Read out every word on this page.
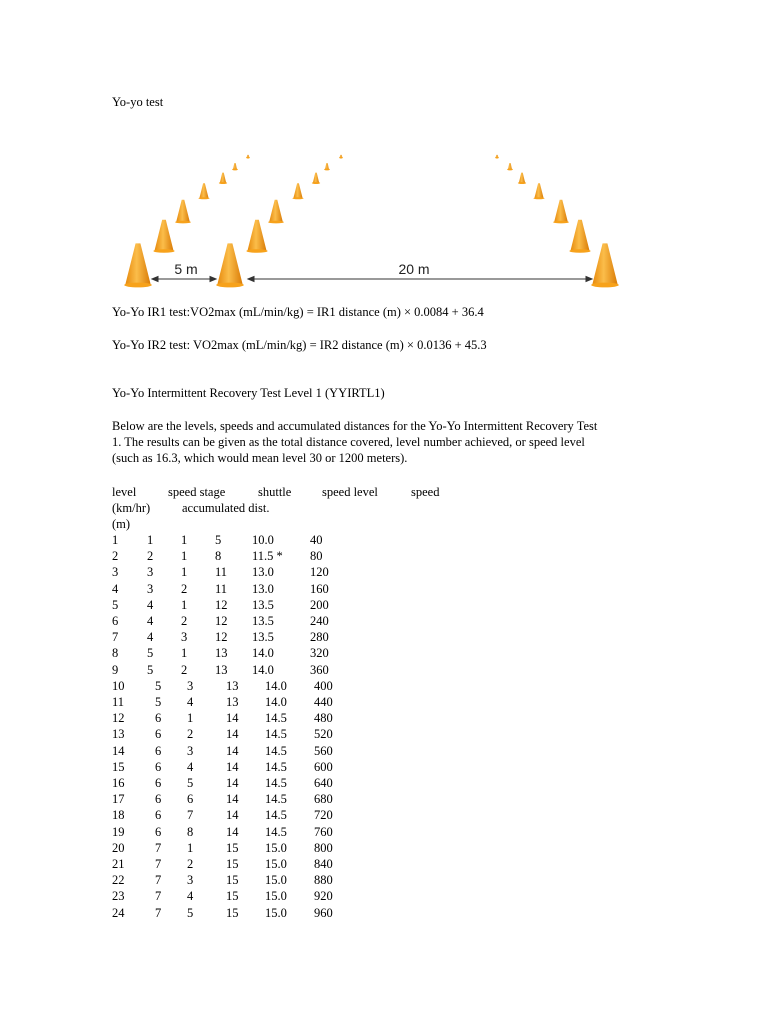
Yo-yo test
5 m	20 m
Yo-Yo IR1 test:VO2max (mL/min/kg) = IR1 distance (m) × 0.0084 + 36.4
Yo-Yo IR2 test: VO2max (mL/min/kg) = IR2 distance (m) × 0.0136 + 45.3
Yo-Yo Intermittent Recovery Test Level 1 (YYIRTL1)
Below are the levels, speeds and accumulated distances for the Yo-Yo Intermittent Recovery Test
1. The results can be given as the total distance covered, level number achieved, or speed level
(such as 16.3, which would mean level 30 or 1200 meters).
level	speed stage	shuttle speed level	speed
(km/hr)	accumulated dist.
(m)
1 1 1 5 10.0	40
2 2 1 8 11.5 * 80
3 3 1 11 13.0	120
4 3 2 11 13.0	160
5 4 1 12 13.5	200
6 4 2 12 13.5	240
7 4 3 12 13.5	280
8 5 1 13 14.0	320
9 5 2 13 14.0	360
10 5 3	13 14.0 400
11 5 4	13 14.0 440
12 6 1	14 14.5 480
13 6 2	14 14.5 520
14 6 3	14 14.5 560
15 6 4	14 14.5 600
16 6 5	14 14.5 640
17 6 6	14 14.5 680
18 6 7	14 14.5 720
19 6 8	14 14.5 760
20 7 1	15 15.0 800
21 7 2	15 15.0 840
22 7 3	15 15.0 880
23 7 4	15 15.0 920
24 7 5	15 15.0 960
